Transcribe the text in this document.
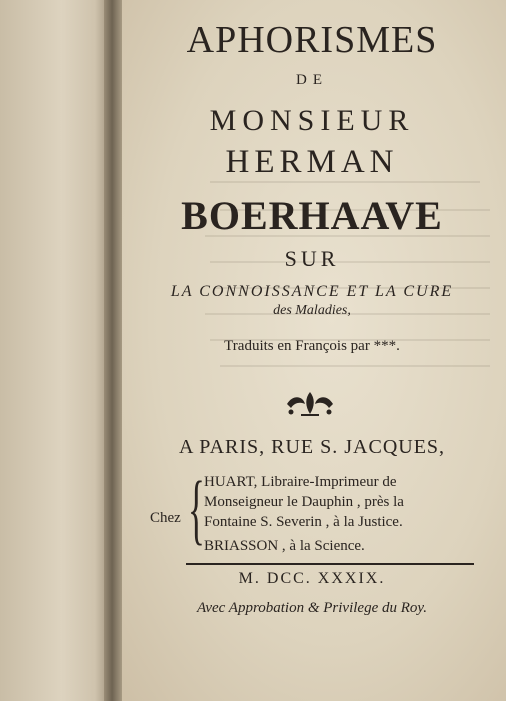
APHORISMES
DE
MONSIEUR
HERMAN
BOERHAAVE
SUR
LA CONNOISSANCE ET LA CURE
des Maladies,
Traduits en François par ***.
A PARIS, RUE S. JACQUES,
Chez { HUART, Libraire-Imprimeur de
Monseigneur le Dauphin , près la
Fontaine S. Severin , à la Justice.
BRIASSON , à la Science.
M. DCC. XXXIX.
Avec Approbation & Privilege du Roy.
